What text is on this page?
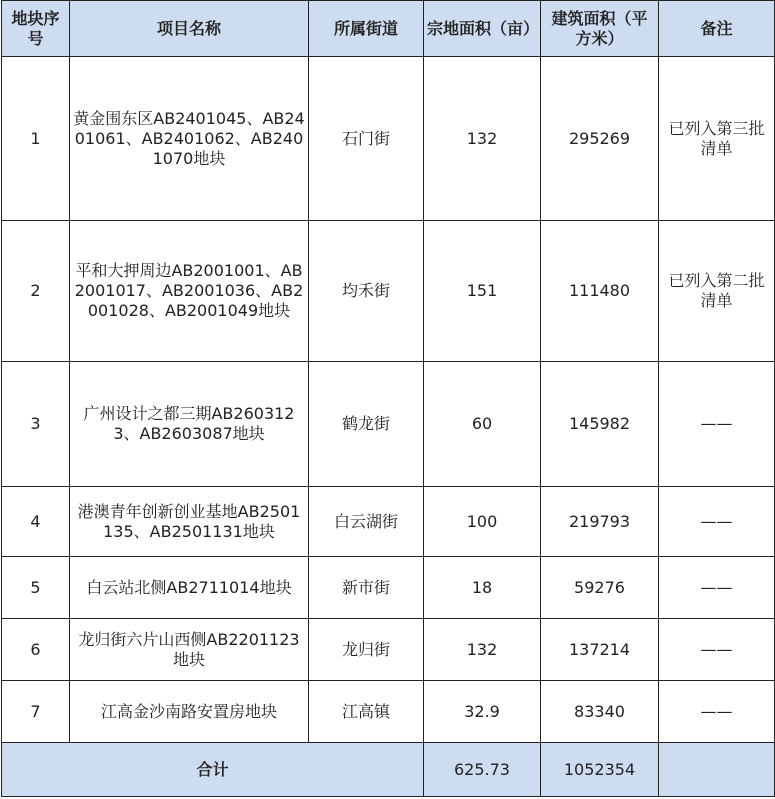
地块序号	项目名称	所属街道	宗地面积（亩）	建筑面积（平方米）	备注
1	黄金围东区AB2401045、AB2401061、AB2401062、AB2401070地块	石门街	132	295269	已列入第三批清单
2	平和大押周边AB2001001、AB2001017、AB2001036、AB2001028、AB2001049地块	均禾街	151	111480	已列入第二批清单
3	广州设计之都三期AB2603123、AB2603087地块	鹤龙街	60	145982	——
4	港澳青年创新创业基地AB2501135、AB2501131地块	白云湖街	100	219793	——
5	白云站北侧AB2711014地块	新市街	18	59276	——
6	龙归街六片山西侧AB2201123地块	龙归街	132	137214	——
7	江高金沙南路安置房地块	江高镇	32.9	83340	——
合计			625.73	1052354	
